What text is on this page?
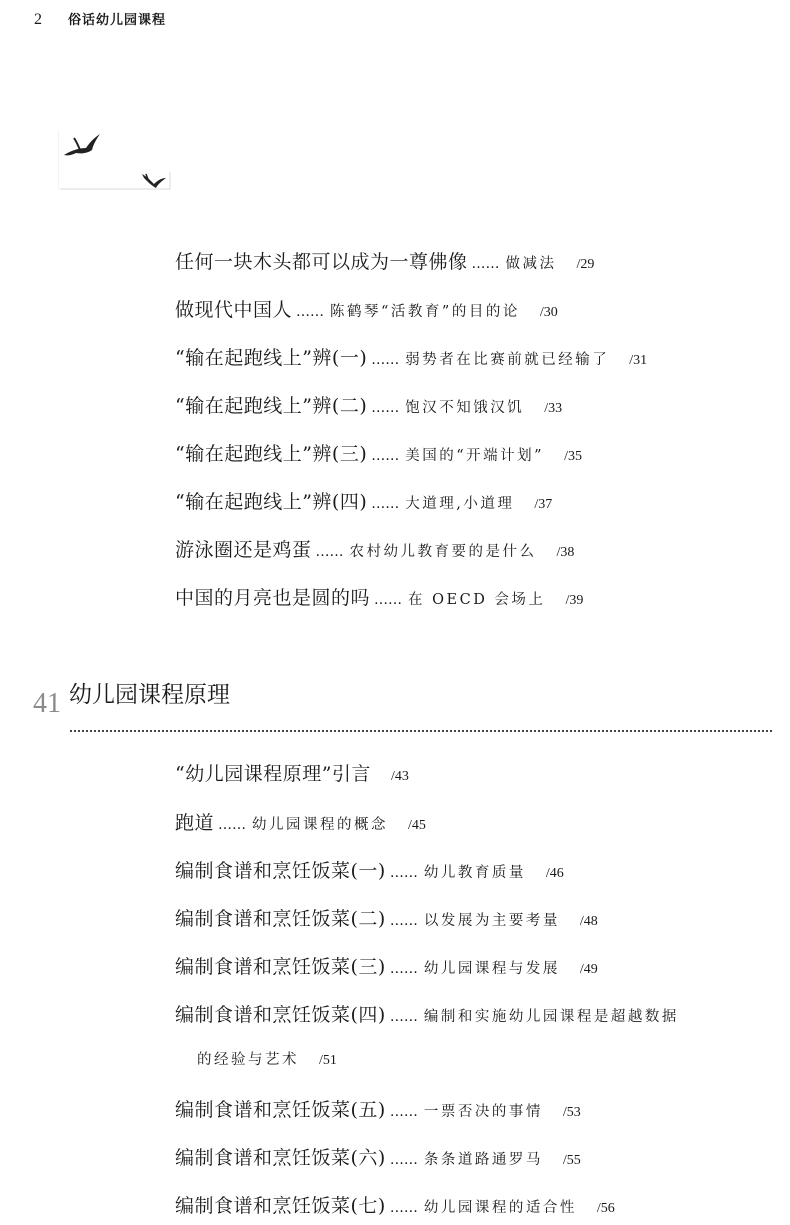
2 俗话幼儿园课程
任何一块木头都可以成为一尊佛像 …… 做减法 /29
做现代中国人 …… 陈鹤琴“活教育”的目的论 /30
“输在起跑线上”辨(一) …… 弱势者在比赛前就已经输了 /31
“输在起跑线上”辨(二) …… 饱汉不知饿汉饥 /33
“输在起跑线上”辨(三) …… 美国的“开端计划” /35
“输在起跑线上”辨(四) …… 大道理,小道理 /37
游泳圈还是鸡蛋 …… 农村幼儿教育要的是什么 /38
中国的月亮也是圆的吗 …… 在 OECD 会场上 /39
41 幼儿园课程原理
“幼儿园课程原理”引言 /43
跑道 …… 幼儿园课程的概念 /45
编制食谱和烹饪饭菜(一) …… 幼儿教育质量 /46
编制食谱和烹饪饭菜(二) …… 以发展为主要考量 /48
编制食谱和烹饪饭菜(三) …… 幼儿园课程与发展 /49
编制食谱和烹饪饭菜(四) …… 编制和实施幼儿园课程是超越数据
的经验与艺术 /51
编制食谱和烹饪饭菜(五) …… 一票否决的事情 /53
编制食谱和烹饪饭菜(六) …… 条条道路通罗马 /55
编制食谱和烹饪饭菜(七) …… 幼儿园课程的适合性 /56
